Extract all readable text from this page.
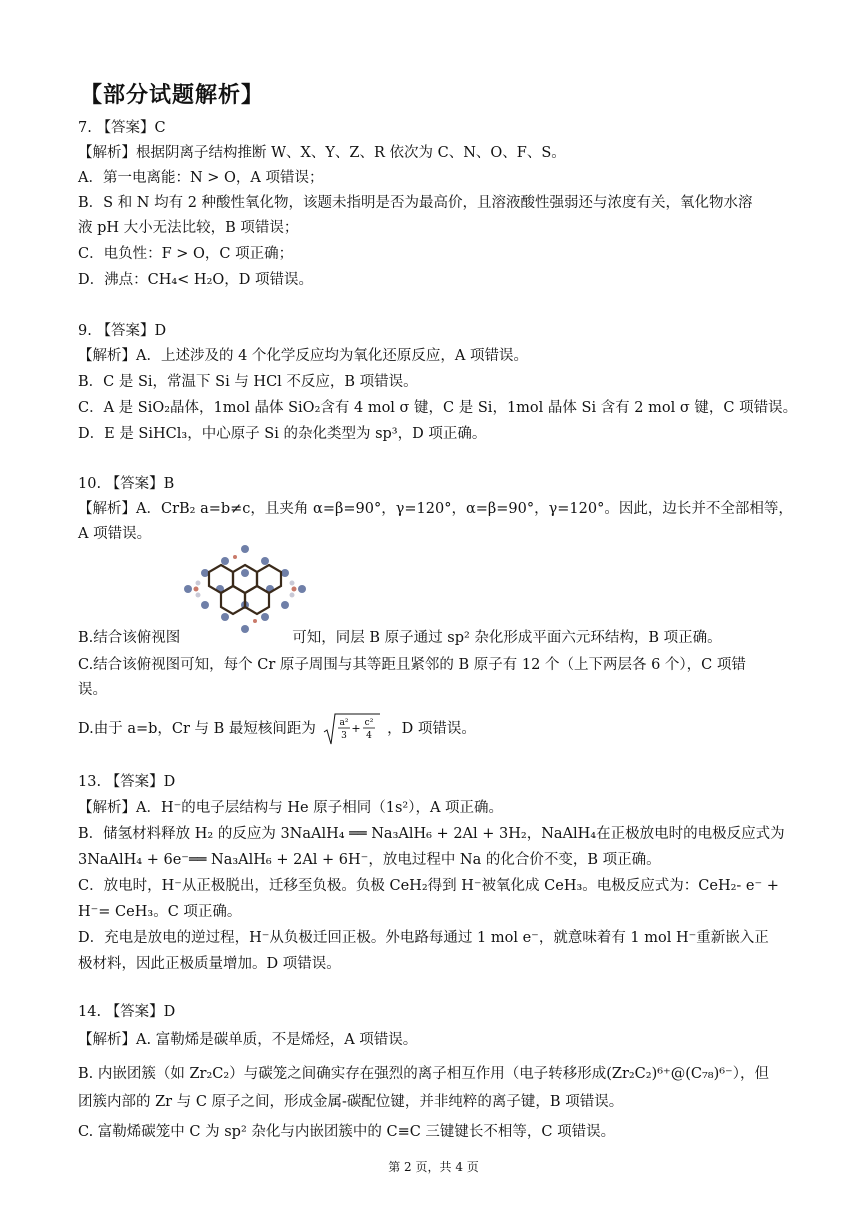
【部分试题解析】
7. 【答案】C
【解析】根据阴离子结构推断 W、X、Y、Z、R 依次为 C、N、O、F、S。
A．第一电离能：N > O，A 项错误；
B．S 和 N 均有 2 种酸性氧化物，该题未指明是否为最高价，且溶液酸性强弱还与浓度有关，氧化物水溶
液 pH 大小无法比较，B 项错误；
C．电负性：F > O，C 项正确；
D．沸点：CH₄< H₂O，D 项错误。
9. 【答案】D
【解析】A．上述涉及的 4 个化学反应均为氧化还原反应，A 项错误。
B．C 是 Si，常温下 Si 与 HCl 不反应，B 项错误。
C．A 是 SiO₂晶体，1mol 晶体 SiO₂含有 4 mol σ 键，C 是 Si，1mol 晶体 Si 含有 2 mol σ 键，C 项错误。
D．E 是 SiHCl₃，中心原子 Si 的杂化类型为 sp³，D 项正确。
10. 【答案】B
【解析】A．CrB₂ a=b≠c，且夹角 α=β=90°，γ=120°，α=β=90°，γ=120°。因此，边长并不全部相等，
A 项错误。
B.结合该俯视图	可知，同层 B 原子通过 sp² 杂化形成平面六元环结构，B 项正确。
C.结合该俯视图可知，每个 Cr 原子周围与其等距且紧邻的 B 原子有 12 个（上下两层各 6 个），C 项错
误。
D.由于 a=b，Cr 与 B 最短核间距为	a²
3
+ c²
4 ，D 项错误。
13. 【答案】D
【解析】A．H⁻的电子层结构与 He 原子相同（1s²），A 项正确。
B．储氢材料释放 H₂ 的反应为 3NaAlH₄ ══ Na₃AlH₆ + 2Al + 3H₂，NaAlH₄在正极放电时的电极反应式为
3NaAlH₄ + 6e⁻══ Na₃AlH₆ + 2Al + 6H⁻，放电过程中 Na 的化合价不变，B 项正确。
C．放电时，H⁻从正极脱出，迁移至负极。负极 CeH₂得到 H⁻被氧化成 CeH₃。电极反应式为：CeH₂- e⁻ +
H⁻= CeH₃。C 项正确。
D．充电是放电的逆过程，H⁻从负极迁回正极。外电路每通过 1 mol e⁻，就意味着有 1 mol H⁻重新嵌入正
极材料，因此正极质量增加。D 项错误。
14. 【答案】D
【解析】A. 富勒烯是碳单质，不是烯烃，A 项错误。
B. 内嵌团簇（如 Zr₂C₂）与碳笼之间确实存在强烈的离子相互作用（电子转移形成(Zr₂C₂)⁶⁺@(C₇₈)⁶⁻），但
团簇内部的 Zr 与 C 原子之间，形成金属-碳配位键，并非纯粹的离子键，B 项错误。
C. 富勒烯碳笼中 C 为 sp² 杂化与内嵌团簇中的 C≡C 三键键长不相等，C 项错误。
第 2 页，共 4 页
